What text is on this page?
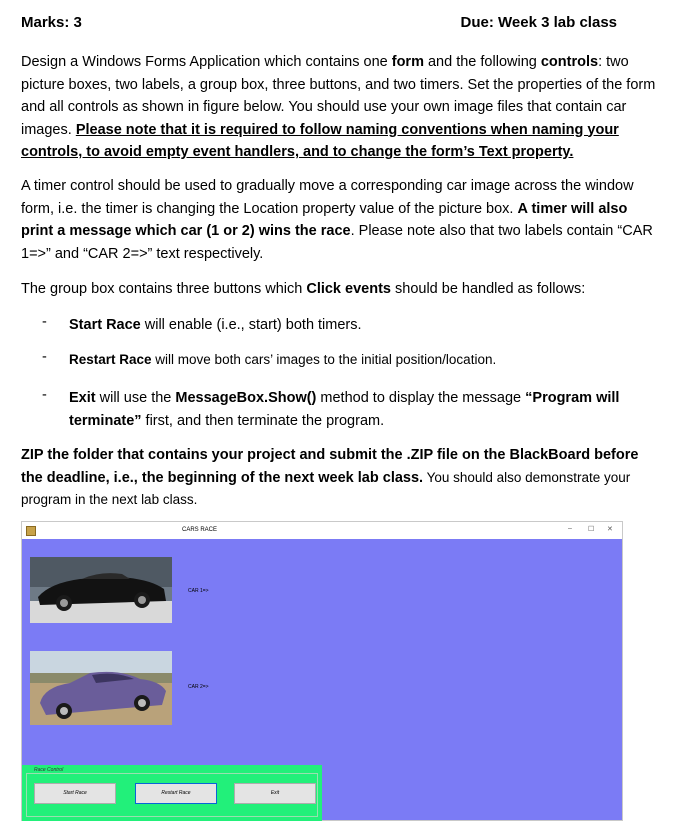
Marks: 3	Due: Week 3 lab class
Design a Windows Forms Application which contains one form and the following controls: two picture boxes, two labels, a group box, three buttons, and two timers. Set the properties of the form and all controls as shown in figure below. You should use your own image files that contain car images. Please note that it is required to follow naming conventions when naming your controls, to avoid empty event handlers, and to change the form’s Text property.
A timer control should be used to gradually move a corresponding car image across the window form, i.e. the timer is changing the Location property value of the picture box. A timer will also print a message which car (1 or 2) wins the race. Please note also that two labels contain “CAR 1=>” and “CAR 2=>” text respectively.
The group box contains three buttons which Click events should be handled as follows:
- Start Race will enable (i.e., start) both timers.
- Restart Race will move both cars’ images to the initial position/location.
- Exit will use the MessageBox.Show() method to display the message “Program will terminate” first, and then terminate the program.
ZIP the folder that contains your project and submit the .ZIP file on the BlackBoard before the deadline, i.e., the beginning of the next week lab class. You should also demonstrate your program in the next lab class.
CARS RACE	– ☐ ✕
CAR 1=>
CAR 2=>
Race Control
Start Race	Restart Race	Exit
